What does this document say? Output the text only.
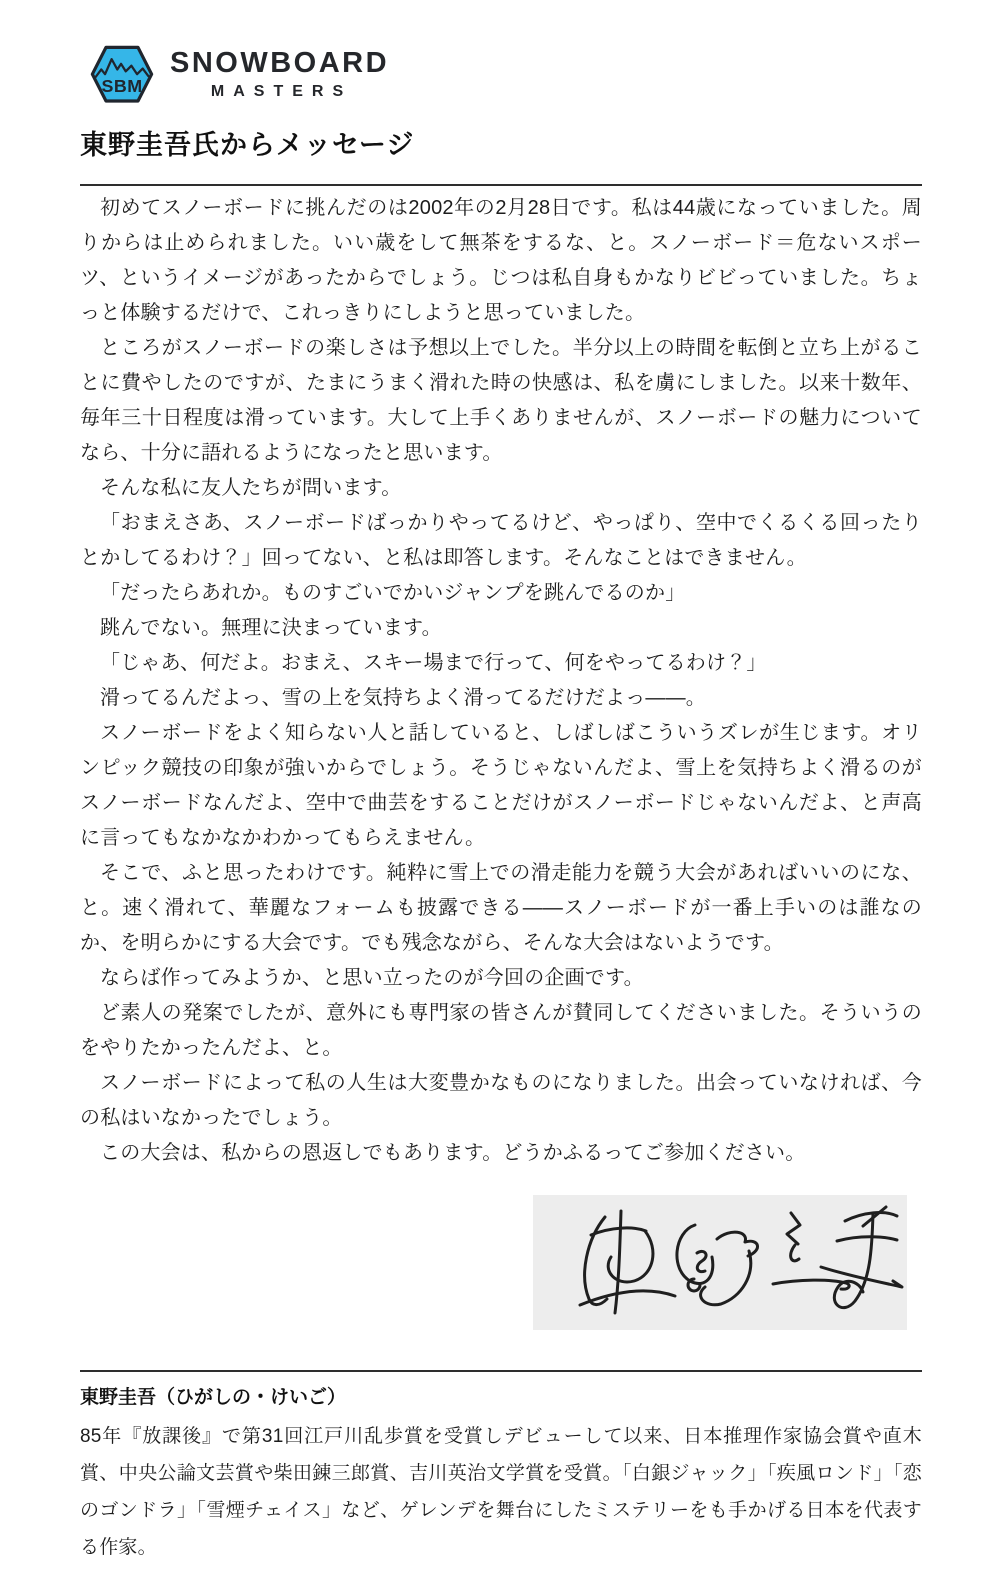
SBM
SNOWBOARD
MASTERS
東野圭吾氏からメッセージ

初めてスノーボードに挑んだのは2002年の2月28日です。私は44歳になっていました。周りからは止められました。いい歳をして無茶をするな、と。スノーボード＝危ないスポーツ、というイメージがあったからでしょう。じつは私自身もかなりビビっていました。ちょっと体験するだけで、これっきりにしようと思っていました。

ところがスノーボードの楽しさは予想以上でした。半分以上の時間を転倒と立ち上がることに費やしたのですが、たまにうまく滑れた時の快感は、私を虜にしました。以来十数年、毎年三十日程度は滑っています。大して上手くありませんが、スノーボードの魅力についてなら、十分に語れるようになったと思います。

そんな私に友人たちが問います。

「おまえさあ、スノーボードばっかりやってるけど、やっぱり、空中でくるくる回ったりとかしてるわけ？」回ってない、と私は即答します。そんなことはできません。

「だったらあれか。ものすごいでかいジャンプを跳んでるのか」

跳んでない。無理に決まっています。

「じゃあ、何だよ。おまえ、スキー場まで行って、何をやってるわけ？」

滑ってるんだよっ、雪の上を気持ちよく滑ってるだけだよっ――。

スノーボードをよく知らない人と話していると、しばしばこういうズレが生じます。オリンピック競技の印象が強いからでしょう。そうじゃないんだよ、雪上を気持ちよく滑るのがスノーボードなんだよ、空中で曲芸をすることだけがスノーボードじゃないんだよ、と声高に言ってもなかなかわかってもらえません。

そこで、ふと思ったわけです。純粋に雪上での滑走能力を競う大会があればいいのにな、と。速く滑れて、華麗なフォームも披露できる――スノーボードが一番上手いのは誰なのか、を明らかにする大会です。でも残念ながら、そんな大会はないようです。

ならば作ってみようか、と思い立ったのが今回の企画です。

ど素人の発案でしたが、意外にも専門家の皆さんが賛同してくださいました。そういうのをやりたかったんだよ、と。

スノーボードによって私の人生は大変豊かなものになりました。出会っていなければ、今の私はいなかったでしょう。

この大会は、私からの恩返しでもあります。どうかふるってご参加ください。

東野圭吾（ひがしの・けいご）

85年『放課後』で第31回江戸川乱歩賞を受賞しデビューして以来、日本推理作家協会賞や直木賞、中央公論文芸賞や柴田錬三郎賞、吉川英治文学賞を受賞。「白銀ジャック」「疾風ロンド」「恋のゴンドラ」「雪煙チェイス」など、ゲレンデを舞台にしたミステリーをも手かげる日本を代表する作家。
